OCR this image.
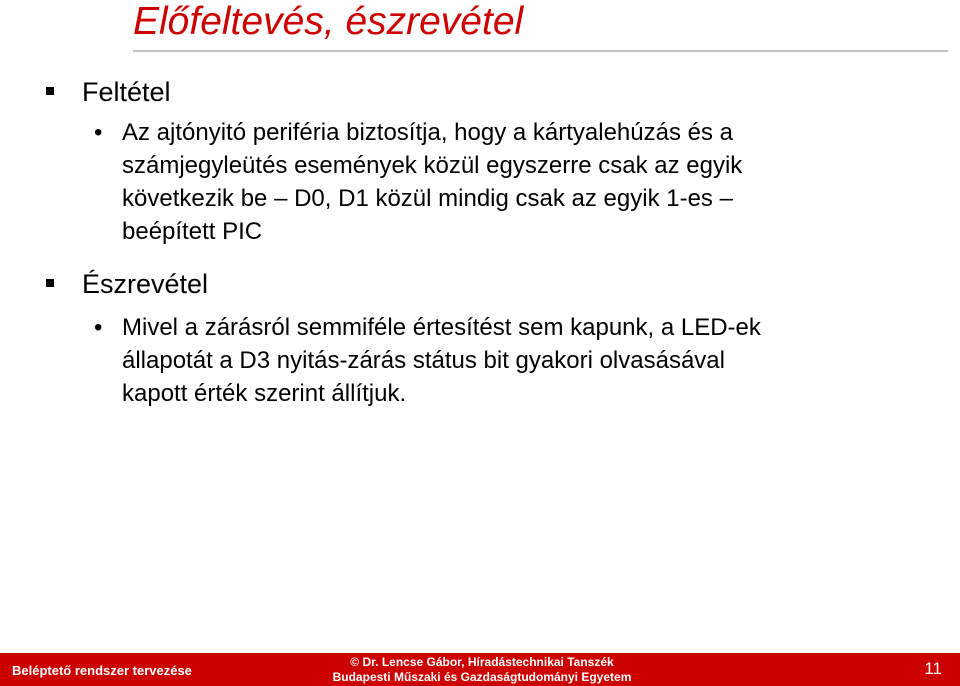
Előfeltevés, észrevétel
Feltétel
• Az ajtónyitó periféria biztosítja, hogy a kártyalehúzás és a
számjegyleütés események közül egyszerre csak az egyik
következik be – D0, D1 közül mindig csak az egyik 1-es –
beépített PIC
Észrevétel
• Mivel a zárásról semmiféle értesítést sem kapunk, a LED-ek
állapotát a D3 nyitás-zárás státus bit gyakori olvasásával
kapott érték szerint állítjuk.
Beléptető rendszer tervezése
© Dr. Lencse Gábor, Híradástechnikai Tanszék
Budapesti Műszaki és Gazdaságtudományi Egyetem	11
